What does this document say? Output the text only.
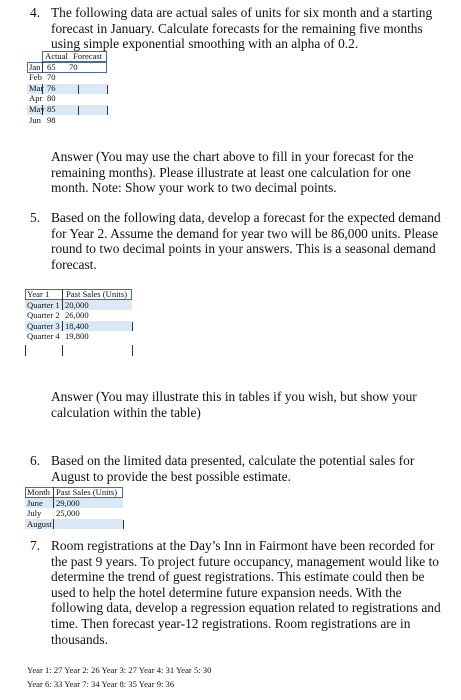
4. The following data are actual sales of units for six month and a starting forecast in January. Calculate forecasts for the remaining five months using simple exponential smoothing with an alpha of 0.2.
Actual Forecast
Jan 65 70
Feb 70
Mar 76
Apr 80
May 85
Jun 98
Answer (You may use the chart above to fill in your forecast for the remaining months). Please illustrate at least one calculation for one month. Note: Show your work to two decimal points.
5. Based on the following data, develop a forecast for the expected demand for Year 2. Assume the demand for year two will be 86,000 units. Please round to two decimal points in your answers. This is a seasonal demand forecast.
Year 1 Past Sales (Units)
Quarter 1 20,000
Quarter 2 26,000
Quarter 3 18,400
Quarter 4 19,800
Answer (You may illustrate this in tables if you wish, but show your calculation within the table)
6. Based on the limited data presented, calculate the potential sales for August to provide the best possible estimate.
Month Past Sales (Units)
June 29,000
July 25,000
August
7. Room registrations at the Day’s Inn in Fairmont have been recorded for the past 9 years. To project future occupancy, management would like to determine the trend of guest registrations. This estimate could then be used to help the hotel determine future expansion needs. With the following data, develop a regression equation related to registrations and time. Then forecast year-12 registrations. Room registrations are in thousands.
Year 1: 27 Year 2: 26 Year 3: 27 Year 4: 31 Year 5: 30
Year 6: 33 Year 7: 34 Year 8: 35 Year 9: 36
